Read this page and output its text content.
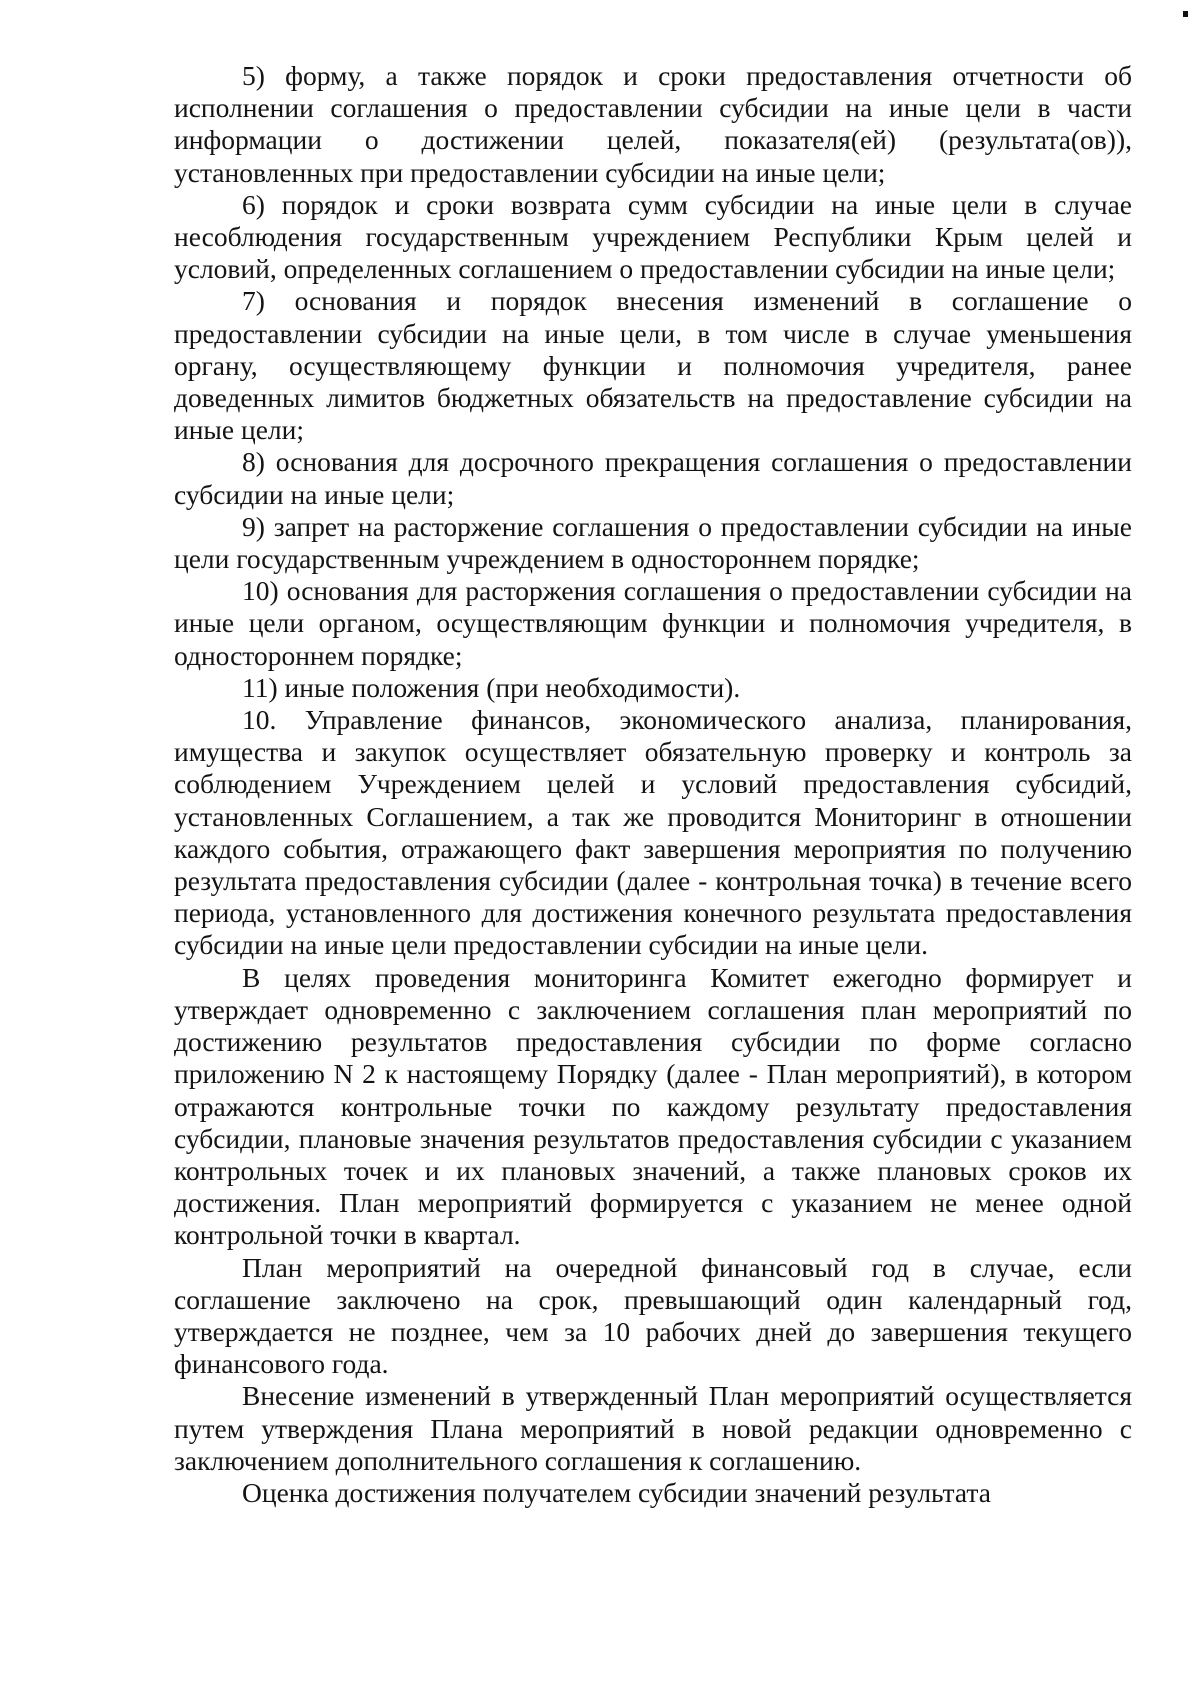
5) форму, а также порядок и сроки предоставления отчетности об исполнении соглашения о предоставлении субсидии на иные цели в части информации о достижении целей, показателя(ей) (результата(ов)), установленных при предоставлении субсидии на иные цели;

6) порядок и сроки возврата сумм субсидии на иные цели в случае несоблюдения государственным учреждением Республики Крым целей и условий, определенных соглашением о предоставлении субсидии на иные цели;

7) основания и порядок внесения изменений в соглашение о предоставлении субсидии на иные цели, в том числе в случае уменьшения органу, осуществляющему функции и полномочия учредителя, ранее доведенных лимитов бюджетных обязательств на предоставление субсидии на иные цели;

8) основания для досрочного прекращения соглашения о предоставлении субсидии на иные цели;

9) запрет на расторжение соглашения о предоставлении субсидии на иные цели государственным учреждением в одностороннем порядке;

10) основания для расторжения соглашения о предоставлении субсидии на иные цели органом, осуществляющим функции и полномочия учредителя, в одностороннем порядке;

11) иные положения (при необходимости).

10. Управление финансов, экономического анализа, планирования, имущества и закупок осуществляет обязательную проверку и контроль за соблюдением Учреждением целей и условий предоставления субсидий, установленных Соглашением, а так же проводится Мониторинг в отношении каждого события, отражающего факт завершения мероприятия по получению результата предоставления субсидии (далее - контрольная точка) в течение всего периода, установленного для достижения конечного результата предоставления субсидии на иные цели предоставлении субсидии на иные цели.

В целях проведения мониторинга Комитет ежегодно формирует и утверждает одновременно с заключением соглашения план мероприятий по достижению результатов предоставления субсидии по форме согласно приложению N 2 к настоящему Порядку (далее - План мероприятий), в котором отражаются контрольные точки по каждому результату предоставления субсидии, плановые значения результатов предоставления субсидии с указанием контрольных точек и их плановых значений, а также плановых сроков их достижения. План мероприятий формируется с указанием не менее одной контрольной точки в квартал.

План мероприятий на очередной финансовый год в случае, если соглашение заключено на срок, превышающий один календарный год, утверждается не позднее, чем за 10 рабочих дней до завершения текущего финансового года.

Внесение изменений в утвержденный План мероприятий осуществляется путем утверждения Плана мероприятий в новой редакции одновременно с заключением дополнительного соглашения к соглашению.

Оценка достижения получателем субсидии значений результата
